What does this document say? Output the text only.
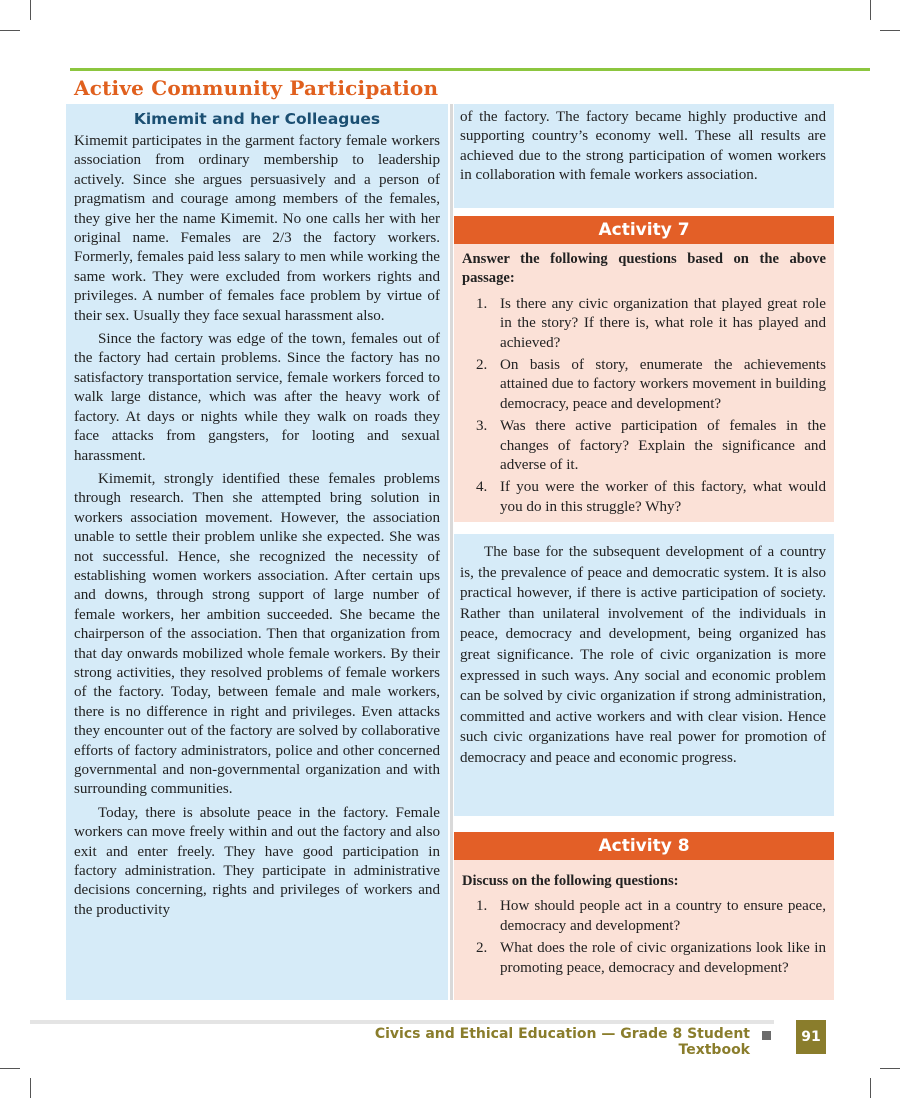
Active Community Participation
Kimemit and her Colleagues

Kimemit participates in the garment factory female workers association from ordinary membership to leadership actively. Since she argues persuasively and a person of pragmatism and courage among members of the females, they give her the name Kimemit. No one calls her with her original name. Females are 2/3 the factory workers. Formerly, females paid less salary to men while working the same work. They were excluded from workers rights and privileges. A number of females face problem by virtue of their sex. Usually they face sexual harassment also.

Since the factory was edge of the town, females out of the factory had certain problems. Since the factory has no satisfactory transportation service, female workers forced to walk large distance, which was after the heavy work of factory. At days or nights while they walk on roads they face attacks from gangsters, for looting and sexual harassment.

Kimemit, strongly identified these females problems through research. Then she attempted bring solution in workers association movement. However, the association unable to settle their problem unlike she expected. She was not successful. Hence, she recognized the necessity of establishing women workers association. After certain ups and downs, through strong support of large number of female workers, her ambition succeeded. She became the chairperson of the association. Then that organization from that day onwards mobilized whole female workers. By their strong activities, they resolved problems of female workers of the factory. Today, between female and male workers, there is no difference in right and privileges. Even attacks they encounter out of the factory are solved by collaborative efforts of factory administrators, police and other concerned governmental and non-governmental organization and with surrounding communities.

Today, there is absolute peace in the factory. Female workers can move freely within and out the factory and also exit and enter freely. They have good participation in factory administration. They participate in administrative decisions concerning, rights and privileges of workers and the productivity

of the factory. The factory became highly productive and supporting country’s economy well. These all results are achieved due to the strong participation of women workers in collaboration with female workers association.

Activity 7

Answer the following questions based on the above passage:

1. Is there any civic organization that played great role in the story? If there is, what role it has played and achieved?
2. On basis of story, enumerate the achievements attained due to factory workers movement in building democracy, peace and development?
3. Was there active participation of females in the changes of factory? Explain the significance and adverse of it.
4. If you were the worker of this factory, what would you do in this struggle? Why?

The base for the subsequent development of a country is, the prevalence of peace and democratic system. It is also practical however, if there is active participation of society. Rather than unilateral involvement of the individuals in peace, democracy and development, being organized has great significance. The role of civic organization is more expressed in such ways. Any social and economic problem can be solved by civic organization if strong administration, committed and active workers and with clear vision. Hence such civic organizations have real power for promotion of democracy and peace and economic progress.

Activity 8

Discuss on the following questions:

1. How should people act in a country to ensure peace, democracy and development?
2. What does the role of civic organizations look like in promoting peace, democracy and development?
Civics and Ethical Education — Grade 8 Student Textbook
91
